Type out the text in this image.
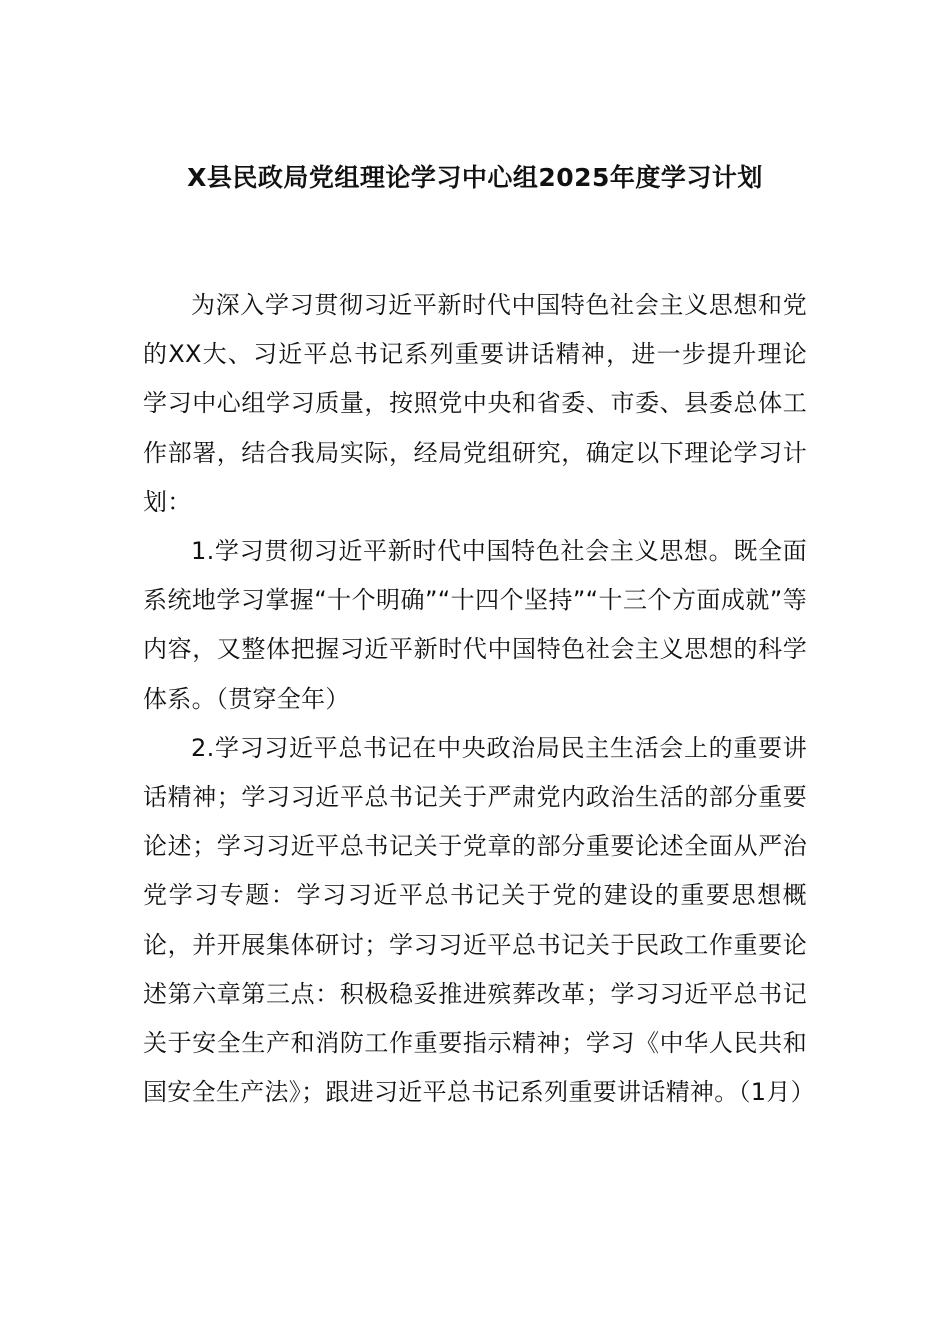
X县民政局党组理论学习中心组2025年度学习计划

为深入学习贯彻习近平新时代中国特色社会主义思想和党的XX大、习近平总书记系列重要讲话精神，进一步提升理论学习中心组学习质量，按照党中央和省委、市委、县委总体工作部署，结合我局实际，经局党组研究，确定以下理论学习计划：

1.学习贯彻习近平新时代中国特色社会主义思想。既全面系统地学习掌握“十个明确”“十四个坚持”“十三个方面成就”等内容，又整体把握习近平新时代中国特色社会主义思想的科学体系。（贯穿全年）

2.学习习近平总书记在中央政治局民主生活会上的重要讲话精神；学习习近平总书记关于严肃党内政治生活的部分重要论述；学习习近平总书记关于党章的部分重要论述全面从严治党学习专题：学习习近平总书记关于党的建设的重要思想概论，并开展集体研讨；学习习近平总书记关于民政工作重要论述第六章第三点：积极稳妥推进殡葬改革；学习习近平总书记关于安全生产和消防工作重要指示精神；学习《中华人民共和国安全生产法》；跟进习近平总书记系列重要讲话精神。（1月）
